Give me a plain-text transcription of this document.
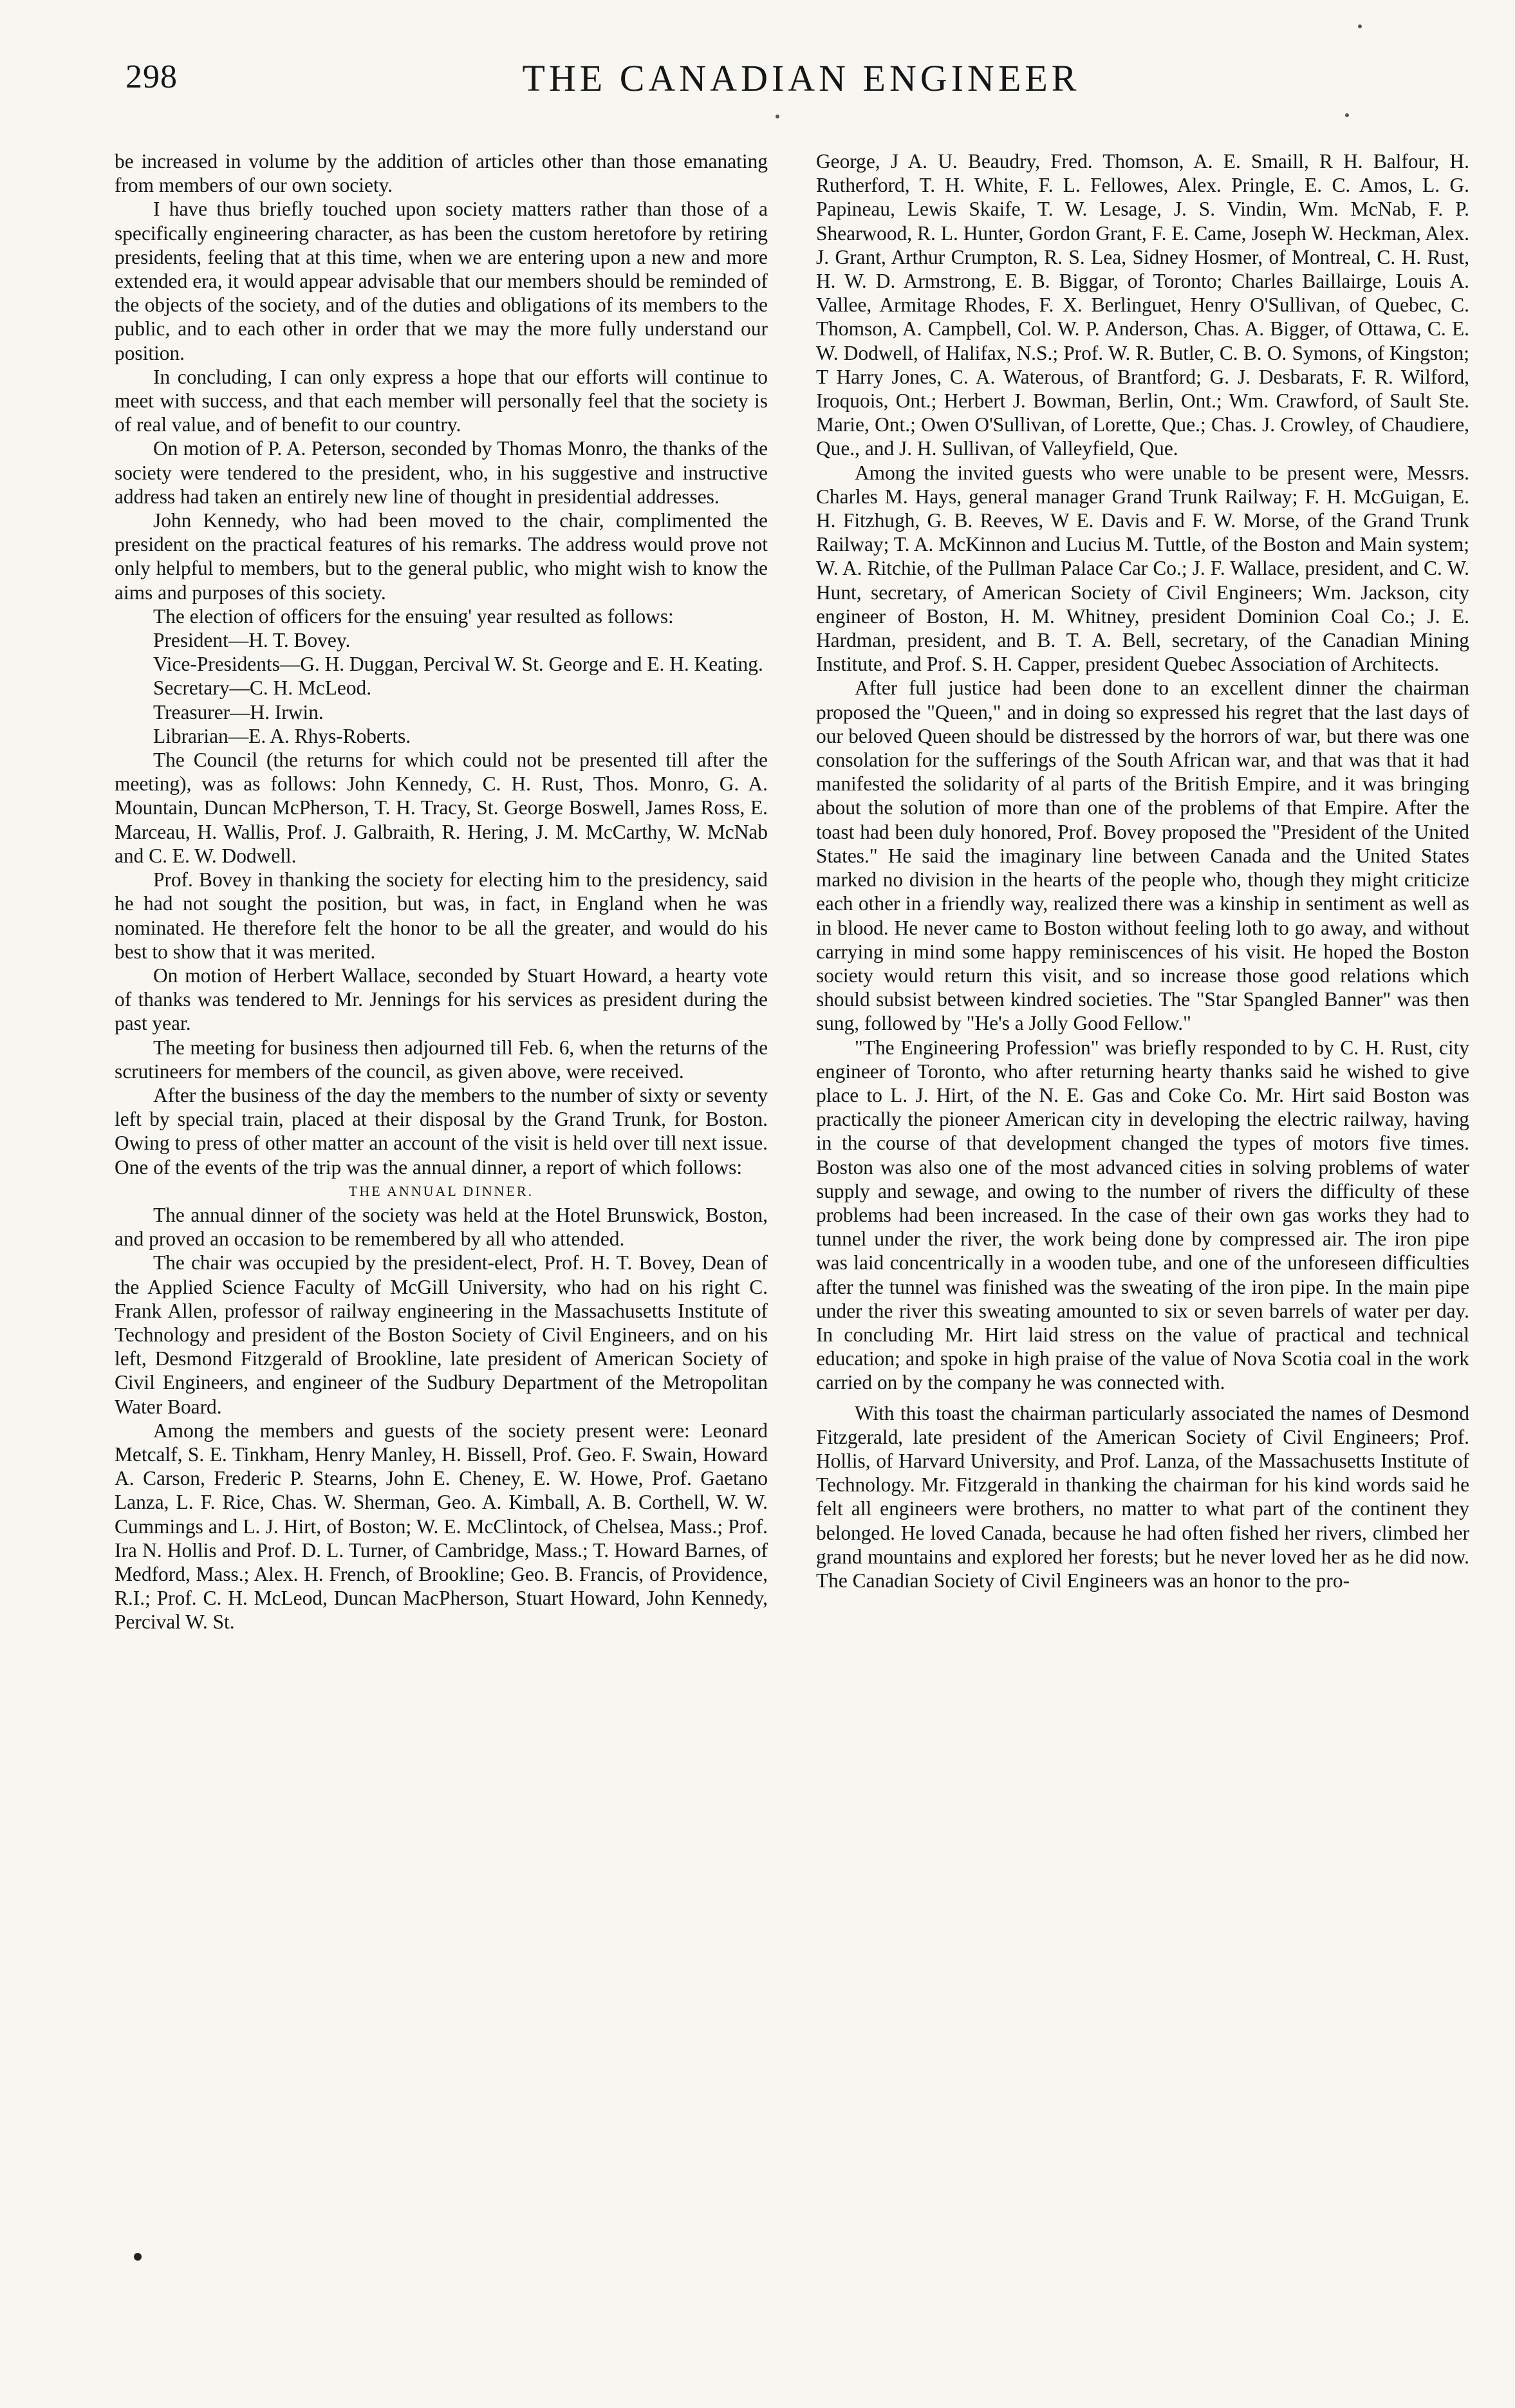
298	THE CANADIAN ENGINEER

be increased in volume by the addition of articles other than those emanating from members of our own society.

I have thus briefly touched upon society matters rather than those of a specifically engineering character, as has been the custom heretofore by retiring presidents, feeling that at this time, when we are entering upon a new and more extended era, it would appear advisable that our members should be reminded of the objects of the society, and of the duties and obligations of its members to the public, and to each other in order that we may the more fully understand our position.

In concluding, I can only express a hope that our efforts will continue to meet with success, and that each member will personally feel that the society is of real value, and of benefit to our country.

On motion of P. A. Peterson, seconded by Thomas Monro, the thanks of the society were tendered to the president, who, in his suggestive and instructive address had taken an entirely new line of thought in presidential addresses.

John Kennedy, who had been moved to the chair, complimented the president on the practical features of his remarks. The address would prove not only helpful to members, but to the general public, who might wish to know the aims and purposes of this society.

The election of officers for the ensuing' year resulted as follows:

President—H. T. Bovey.

Vice-Presidents—G. H. Duggan, Percival W. St. George and E. H. Keating.

Secretary—C. H. McLeod.

Treasurer—H. Irwin.

Librarian—E. A. Rhys-Roberts.

The Council (the returns for which could not be presented till after the meeting), was as follows: John Kennedy, C. H. Rust, Thos. Monro, G. A. Mountain, Duncan McPherson, T. H. Tracy, St. George Boswell, James Ross, E. Marceau, H. Wallis, Prof. J. Galbraith, R. Hering, J. M. McCarthy, W. McNab and C. E. W. Dodwell.

Prof. Bovey in thanking the society for electing him to the presidency, said he had not sought the position, but was, in fact, in England when he was nominated. He therefore felt the honor to be all the greater, and would do his best to show that it was merited.

On motion of Herbert Wallace, seconded by Stuart Howard, a hearty vote of thanks was tendered to Mr. Jennings for his services as president during the past year.

The meeting for business then adjourned till Feb. 6, when the returns of the scrutineers for members of the council, as given above, were received.

After the business of the day the members to the number of sixty or seventy left by special train, placed at their disposal by the Grand Trunk, for Boston. Owing to press of other matter an account of the visit is held over till next issue. One of the events of the trip was the annual dinner, a report of which follows:

THE ANNUAL DINNER.

The annual dinner of the society was held at the Hotel Brunswick, Boston, and proved an occasion to be remembered by all who attended.

The chair was occupied by the president-elect, Prof. H. T. Bovey, Dean of the Applied Science Faculty of McGill University, who had on his right C. Frank Allen, professor of railway engineering in the Massachusetts Institute of Technology and president of the Boston Society of Civil Engineers, and on his left, Desmond Fitzgerald of Brookline, late president of American Society of Civil Engineers, and engineer of the Sudbury Department of the Metropolitan Water Board.

Among the members and guests of the society present were: Leonard Metcalf, S. E. Tinkham, Henry Manley, H. Bissell, Prof. Geo. F. Swain, Howard A. Carson, Frederic P. Stearns, John E. Cheney, E. W. Howe, Prof. Gaetano Lanza, L. F. Rice, Chas. W. Sherman, Geo. A. Kimball, A. B. Corthell, W. W. Cummings and L. J. Hirt, of Boston; W. E. McClintock, of Chelsea, Mass.; Prof. Ira N. Hollis and Prof. D. L. Turner, of Cambridge, Mass.; T. Howard Barnes, of Medford, Mass.; Alex. H. French, of Brookline; Geo. B. Francis, of Providence, R.I.; Prof. C. H. McLeod, Duncan MacPherson, Stuart Howard, John Kennedy, Percival W. St.

George, J A. U. Beaudry, Fred. Thomson, A. E. Smaill, R H. Balfour, H. Rutherford, T. H. White, F. L. Fellowes, Alex. Pringle, E. C. Amos, L. G. Papineau, Lewis Skaife, T. W. Lesage, J. S. Vindin, Wm. McNab, F. P. Shearwood, R. L. Hunter, Gordon Grant, F. E. Came, Joseph W. Heckman, Alex. J. Grant, Arthur Crumpton, R. S. Lea, Sidney Hosmer, of Montreal, C. H. Rust, H. W. D. Armstrong, E. B. Biggar, of Toronto; Charles Baillairge, Louis A. Vallee, Armitage Rhodes, F. X. Berlinguet, Henry O'Sullivan, of Quebec, C. Thomson, A. Campbell, Col. W. P. Anderson, Chas. A. Bigger, of Ottawa, C. E. W. Dodwell, of Halifax, N.S.; Prof. W. R. Butler, C. B. O. Symons, of Kingston; T Harry Jones, C. A. Waterous, of Brantford; G. J. Desbarats, F. R. Wilford, Iroquois, Ont.; Herbert J. Bowman, Berlin, Ont.; Wm. Crawford, of Sault Ste. Marie, Ont.; Owen O'Sullivan, of Lorette, Que.; Chas. J. Crowley, of Chaudiere, Que., and J. H. Sullivan, of Valleyfield, Que.

Among the invited guests who were unable to be present were, Messrs. Charles M. Hays, general manager Grand Trunk Railway; F. H. McGuigan, E. H. Fitzhugh, G. B. Reeves, W E. Davis and F. W. Morse, of the Grand Trunk Railway; T. A. McKinnon and Lucius M. Tuttle, of the Boston and Main system; W. A. Ritchie, of the Pullman Palace Car Co.; J. F. Wallace, president, and C. W. Hunt, secretary, of American Society of Civil Engineers; Wm. Jackson, city engineer of Boston, H. M. Whitney, president Dominion Coal Co.; J. E. Hardman, president, and B. T. A. Bell, secretary, of the Canadian Mining Institute, and Prof. S. H. Capper, president Quebec Association of Architects.

After full justice had been done to an excellent dinner the chairman proposed the "Queen," and in doing so expressed his regret that the last days of our beloved Queen should be distressed by the horrors of war, but there was one consolation for the sufferings of the South African war, and that was that it had manifested the solidarity of al parts of the British Empire, and it was bringing about the solution of more than one of the problems of that Empire. After the toast had been duly honored, Prof. Bovey proposed the "President of the United States." He said the imaginary line between Canada and the United States marked no division in the hearts of the people who, though they might criticize each other in a friendly way, realized there was a kinship in sentiment as well as in blood. He never came to Boston without feeling loth to go away, and without carrying in mind some happy reminiscences of his visit. He hoped the Boston society would return this visit, and so increase those good relations which should subsist between kindred societies. The "Star Spangled Banner" was then sung, followed by "He's a Jolly Good Fellow."

"The Engineering Profession" was briefly responded to by C. H. Rust, city engineer of Toronto, who after returning hearty thanks said he wished to give place to L. J. Hirt, of the N. E. Gas and Coke Co. Mr. Hirt said Boston was practically the pioneer American city in developing the electric railway, having in the course of that development changed the types of motors five times. Boston was also one of the most advanced cities in solving problems of water supply and sewage, and owing to the number of rivers the difficulty of these problems had been increased. In the case of their own gas works they had to tunnel under the river, the work being done by compressed air. The iron pipe was laid concentrically in a wooden tube, and one of the unforeseen difficulties after the tunnel was finished was the sweating of the iron pipe. In the main pipe under the river this sweating amounted to six or seven barrels of water per day. In concluding Mr. Hirt laid stress on the value of practical and technical education; and spoke in high praise of the value of Nova Scotia coal in the work carried on by the company he was connected with.

With this toast the chairman particularly associated the names of Desmond Fitzgerald, late president of the American Society of Civil Engineers; Prof. Hollis, of Harvard University, and Prof. Lanza, of the Massachusetts Institute of Technology. Mr. Fitzgerald in thanking the chairman for his kind words said he felt all engineers were brothers, no matter to what part of the continent they belonged. He loved Canada, because he had often fished her rivers, climbed her grand mountains and explored her forests; but he never loved her as he did now. The Canadian Society of Civil Engineers was an honor to the pro-
